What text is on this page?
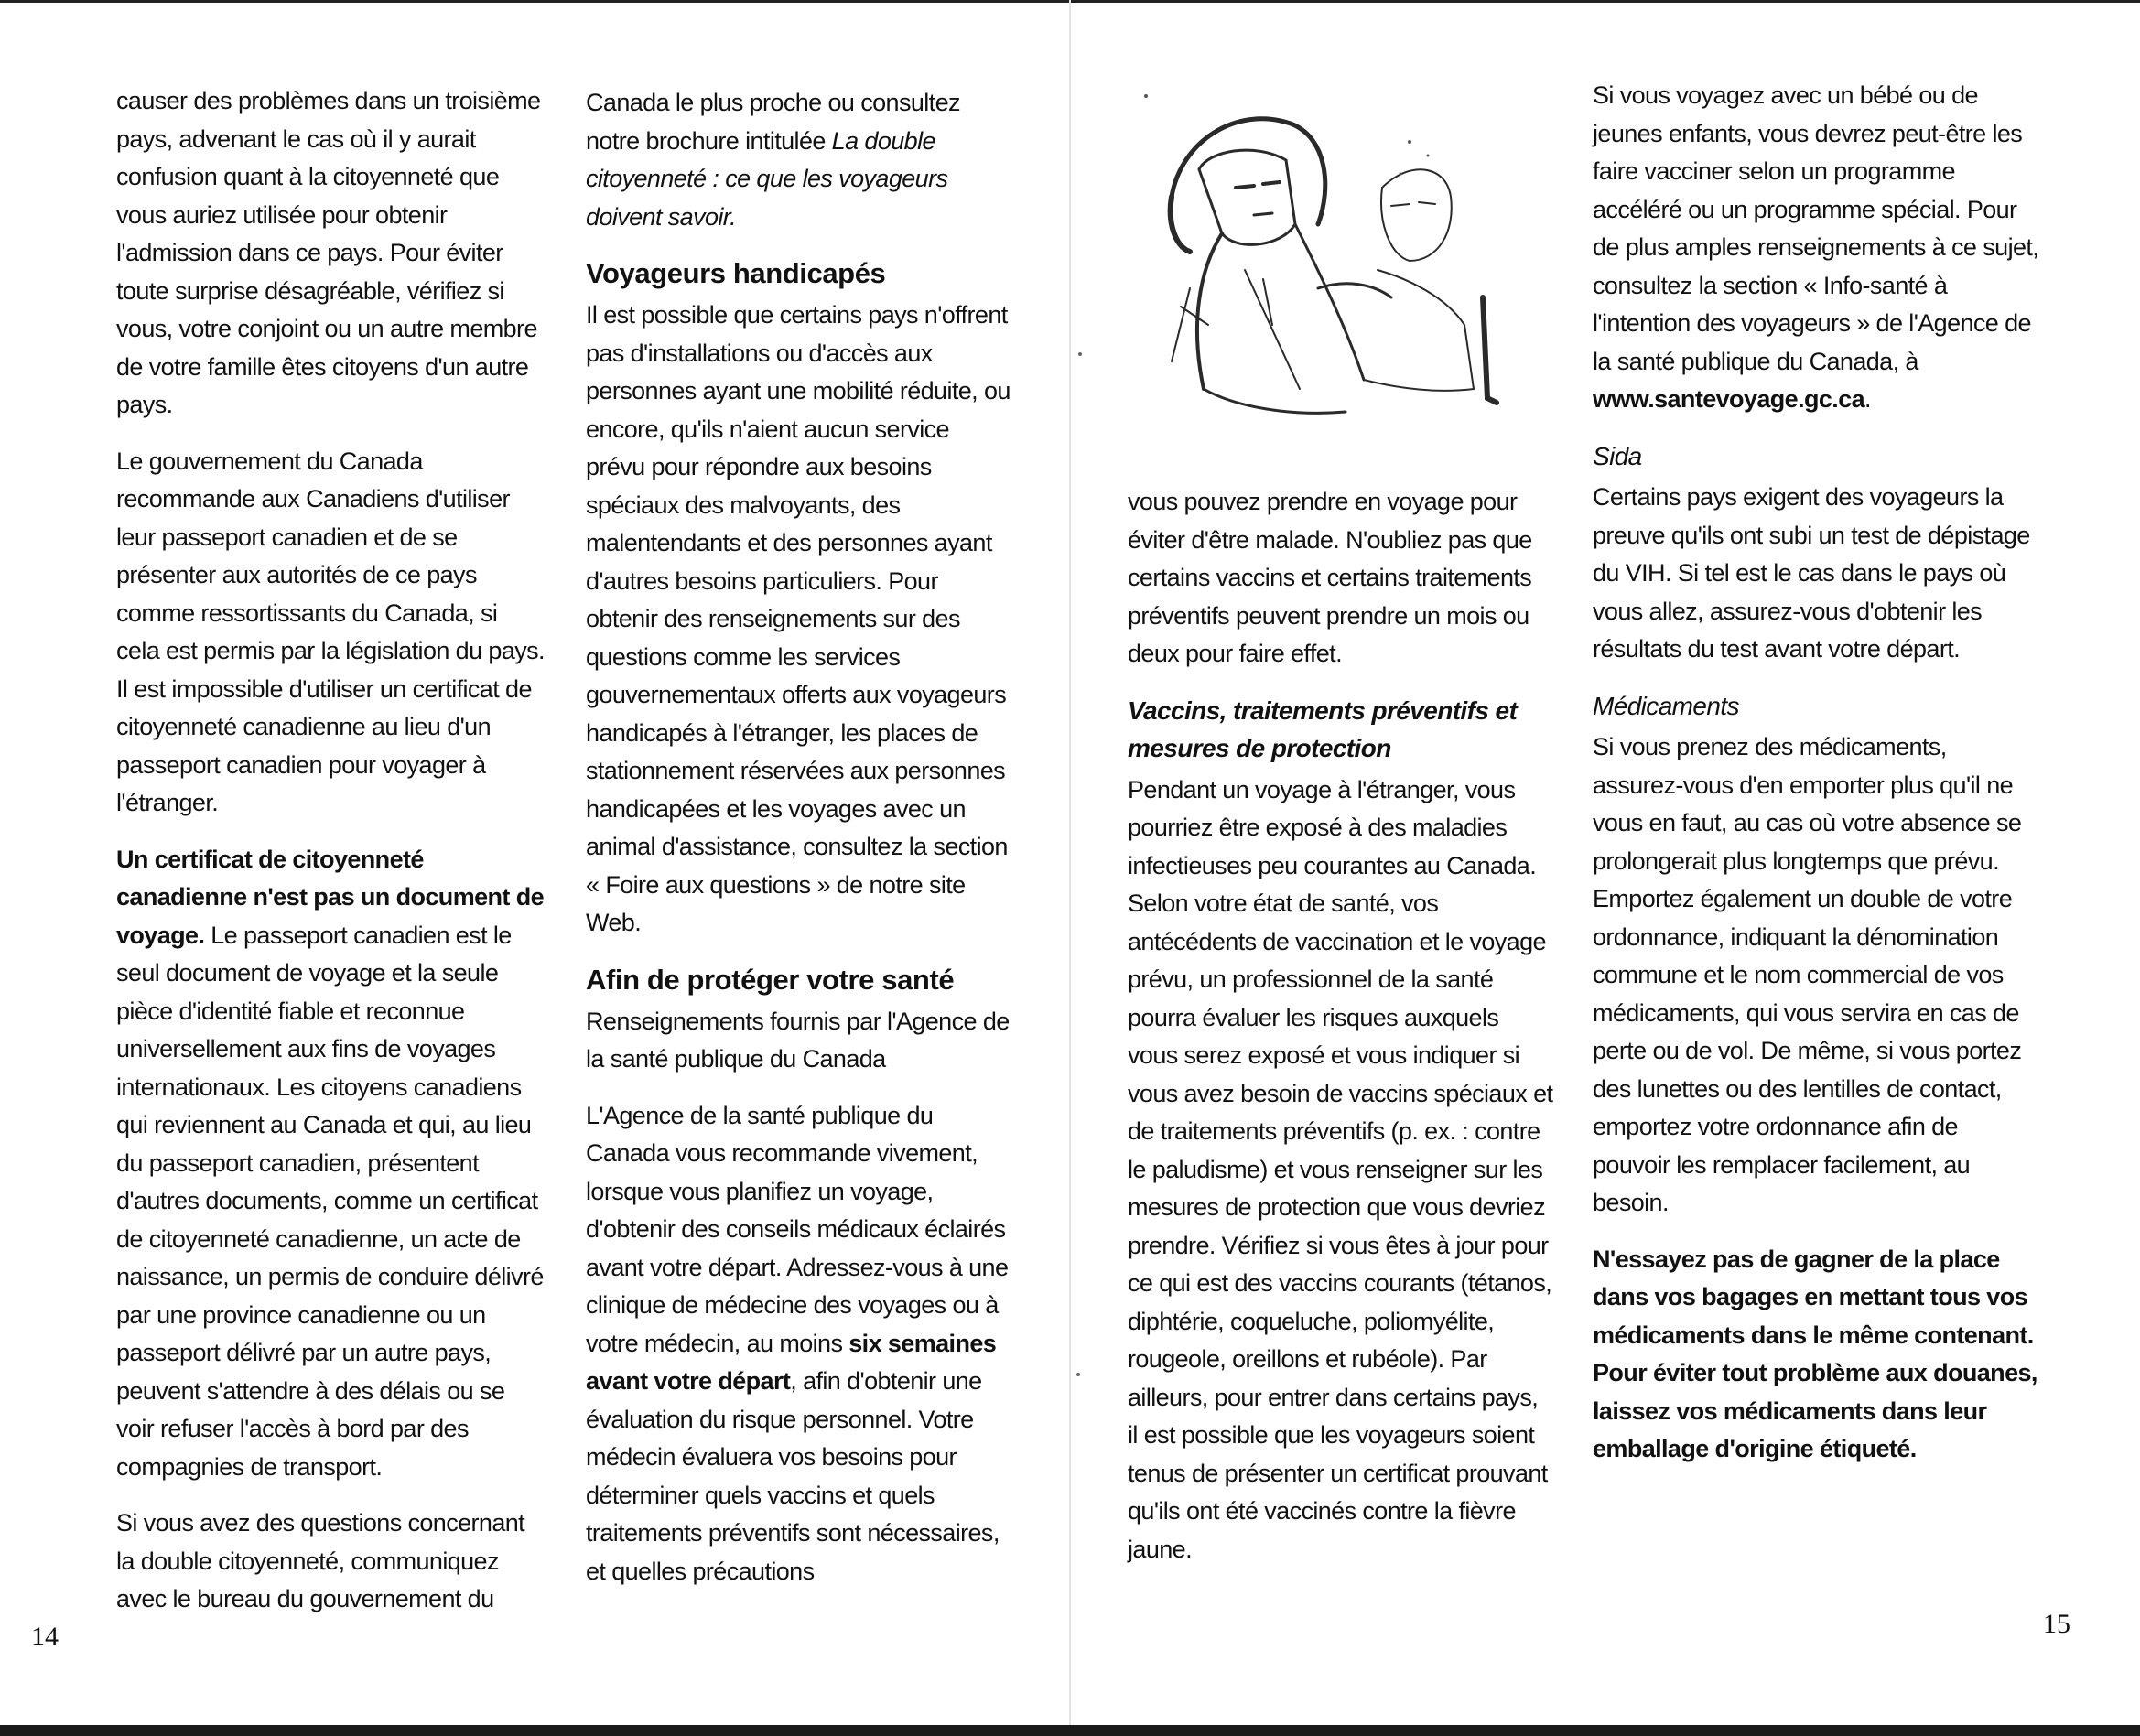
causer des problèmes dans un troisième pays, advenant le cas où il y aurait confusion quant à la citoyenneté que vous auriez utilisée pour obtenir l'admission dans ce pays. Pour éviter toute surprise désagréable, vérifiez si vous, votre conjoint ou un autre membre de votre famille êtes citoyens d'un autre pays.

Le gouvernement du Canada recommande aux Canadiens d'utiliser leur passeport canadien et de se présenter aux autorités de ce pays comme ressortissants du Canada, si cela est permis par la législation du pays. Il est impossible d'utiliser un certificat de citoyenneté canadienne au lieu d'un passeport canadien pour voyager à l'étranger.

Un certificat de citoyenneté canadienne n'est pas un document de voyage. Le passeport canadien est le seul document de voyage et la seule pièce d'identité fiable et reconnue universellement aux fins de voyages internationaux. Les citoyens canadiens qui reviennent au Canada et qui, au lieu du passeport canadien, présentent d'autres documents, comme un certificat de citoyenneté canadienne, un acte de naissance, un permis de conduire délivré par une province canadienne ou un passeport délivré par un autre pays, peuvent s'attendre à des délais ou se voir refuser l'accès à bord par des compagnies de transport.

Si vous avez des questions concernant la double citoyenneté, communiquez avec le bureau du gouvernement du

Canada le plus proche ou consultez notre brochure intitulée La double citoyenneté : ce que les voyageurs doivent savoir.

Voyageurs handicapés

Il est possible que certains pays n'offrent pas d'installations ou d'accès aux personnes ayant une mobilité réduite, ou encore, qu'ils n'aient aucun service prévu pour répondre aux besoins spéciaux des malvoyants, des malentendants et des personnes ayant d'autres besoins particuliers. Pour obtenir des renseignements sur des questions comme les services gouvernementaux offerts aux voyageurs handicapés à l'étranger, les places de stationnement réservées aux personnes handicapées et les voyages avec un animal d'assistance, consultez la section « Foire aux questions » de notre site Web.

Afin de protéger votre santé

Renseignements fournis par l'Agence de la santé publique du Canada

L'Agence de la santé publique du Canada vous recommande vivement, lorsque vous planifiez un voyage, d'obtenir des conseils médicaux éclairés avant votre départ. Adressez-vous à une clinique de médecine des voyages ou à votre médecin, au moins six semaines avant votre départ, afin d'obtenir une évaluation du risque personnel. Votre médecin évaluera vos besoins pour déterminer quels vaccins et quels traitements préventifs sont nécessaires, et quelles précautions

vous pouvez prendre en voyage pour éviter d'être malade. N'oubliez pas que certains vaccins et certains traitements préventifs peuvent prendre un mois ou deux pour faire effet.

Vaccins, traitements préventifs et mesures de protection

Pendant un voyage à l'étranger, vous pourriez être exposé à des maladies infectieuses peu courantes au Canada. Selon votre état de santé, vos antécédents de vaccination et le voyage prévu, un professionnel de la santé pourra évaluer les risques auxquels vous serez exposé et vous indiquer si vous avez besoin de vaccins spéciaux et de traitements préventifs (p. ex. : contre le paludisme) et vous renseigner sur les mesures de protection que vous devriez prendre. Vérifiez si vous êtes à jour pour ce qui est des vaccins courants (tétanos, diphtérie, coqueluche, poliomyélite, rougeole, oreillons et rubéole). Par ailleurs, pour entrer dans certains pays, il est possible que les voyageurs soient tenus de présenter un certificat prouvant qu'ils ont été vaccinés contre la fièvre jaune.

Si vous voyagez avec un bébé ou de jeunes enfants, vous devrez peut-être les faire vacciner selon un programme accéléré ou un programme spécial. Pour de plus amples renseignements à ce sujet, consultez la section « Info-santé à l'intention des voyageurs » de l'Agence de la santé publique du Canada, à www.santevoyage.gc.ca.

Sida

Certains pays exigent des voyageurs la preuve qu'ils ont subi un test de dépistage du VIH. Si tel est le cas dans le pays où vous allez, assurez-vous d'obtenir les résultats du test avant votre départ.

Médicaments

Si vous prenez des médicaments, assurez-vous d'en emporter plus qu'il ne vous en faut, au cas où votre absence se prolongerait plus longtemps que prévu. Emportez également un double de votre ordonnance, indiquant la dénomination commune et le nom commercial de vos médicaments, qui vous servira en cas de perte ou de vol. De même, si vous portez des lunettes ou des lentilles de contact, emportez votre ordonnance afin de pouvoir les remplacer facilement, au besoin.

N'essayez pas de gagner de la place dans vos bagages en mettant tous vos médicaments dans le même contenant. Pour éviter tout problème aux douanes, laissez vos médicaments dans leur emballage d'origine étiqueté.

14	15
